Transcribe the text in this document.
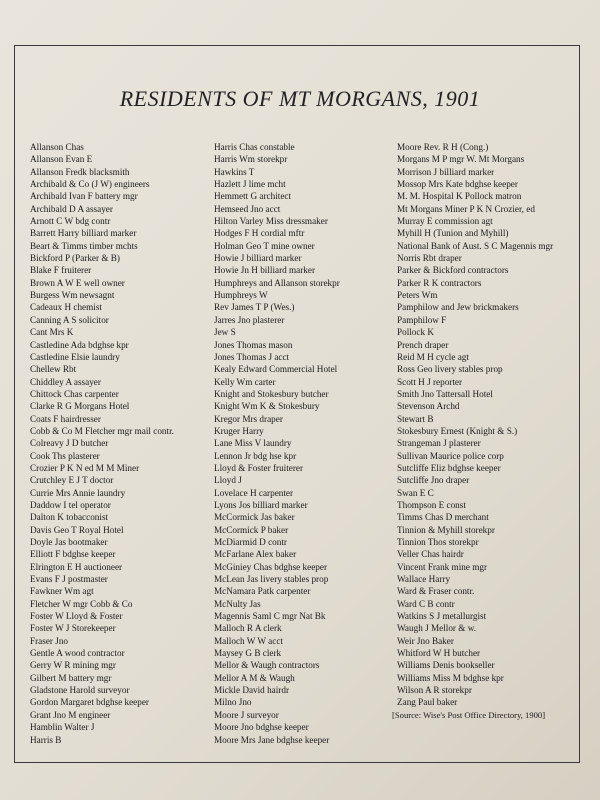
RESIDENTS OF MT MORGANS, 1901
Allanson Chas
Allanson Evan E
Allanson Fredk blacksmith
Archibald & Co (J W) engineers
Archibald Ivan F battery mgr
Archibald D A assayer
Arnott C W bdg contr
Barrett Harry billiard marker
Beart & Timms timber mchts
Bickford P (Parker & B)
Blake F fruiterer
Brown A W E well owner
Burgess Wm newsagnt
Cadeaux H chemist
Canning A S solicitor
Cant Mrs K
Castledine Ada bdghse kpr
Castledine Elsie laundry
Chellew Rbt
Chiddley A assayer
Chittock Chas carpenter
Clarke R G Morgans Hotel
Coats F hairdresser
Cobb & Co M Fletcher mgr mail contr.
Colreavy J D butcher
Cook Ths plasterer
Crozier P K N ed M M Miner
Crutchley E J T doctor
Currie Mrs Annie laundry
Daddow I tel operator
Dalton K tobacconist
Davis Geo T Royal Hotel
Doyle Jas bootmaker
Elliott F bdghse keeper
Elrington E H auctioneer
Evans F J postmaster
Fawkner Wm agt
Fletcher W mgr Cobb & Co
Foster W Lloyd & Foster
Foster W J Storekeeper
Fraser Jno
Gentle A wood contractor
Gerry W R mining mgr
Gilbert M battery mgr
Gladstone Harold surveyor
Gordon Margaret bdghse keeper
Grant Jno M engineer
Hamblin Walter J
Harris B
Harris Chas constable
Harris Wm storekpr
Hawkins T
Hazlett J lime mcht
Hemmett G architect
Hemseed Jno acct
Hilton Varley Miss dressmaker
Hodges F H cordial mftr
Holman Geo T mine owner
Howie J billiard marker
Howie Jn H billiard marker
Humphreys and Allanson storekpr
Humphreys W
Rev James T P (Wes.)
Jarres Jno plasterer
Jew S
Jones Thomas mason
Jones Thomas J acct
Kealy Edward Commercial Hotel
Kelly Wm carter
Knight and Stokesbury butcher
Knight Wm K & Stokesbury
Kregor Mrs draper
Kruger Harry
Lane Miss V laundry
Lennon Jr bdg hse kpr
Lloyd & Foster fruiterer
Lloyd J
Lovelace H carpenter
Lyons Jos billiard marker
McCormick Jas baker
McCormick P baker
McDiarmid D contr
McFarlane Alex baker
McGiniey Chas bdghse keeper
McLean Jas livery stables prop
McNamara Patk carpenter
McNulty Jas
Magennis Saml C mgr Nat Bk
Malloch R A clerk
Malloch W W acct
Maysey G B clerk
Mellor & Waugh contractors
Mellor A M & Waugh
Mickle David hairdr
Milno Jno
Moore J surveyor
Moore Jno bdghse keeper
Moore Mrs Jane bdghse keeper
Moore Rev. R H (Cong.)
Morgans M P mgr W. Mt Morgans
Morrison J billiard marker
Mossop Mrs Kate bdghse keeper
M. M. Hospital K Pollock matron
Mt Morgans Miner P K N Crozier, ed
Murray E commission agt
Myhill H (Tunion and Myhill)
National Bank of Aust. S C Magennis mgr
Norris Rbt draper
Parker & Bickford contractors
Parker R K contractors
Peters Wm
Pamphilow and Jew brickmakers
Pamphilow F
Pollock K
Prench draper
Reid M H cycle agt
Ross Geo livery stables prop
Scott H J reporter
Smith Jno Tattersall Hotel
Stevenson Archd
Stewart B
Stokesbury Ernest (Knight & S.)
Strangeman J plasterer
Sullivan Maurice police corp
Sutcliffe Eliz bdghse keeper
Sutcliffe Jno draper
Swan E C
Thompson E const
Timms Chas D merchant
Tinnion & Myhill storekpr
Tinnion Thos storekpr
Veller Chas hairdr
Vincent Frank mine mgr
Wallace Harry
Ward & Fraser contr.
Ward C B contr
Watkins S J metallurgist
Waugh J Mellor & w.
Weir Jno Baker
Whitford W H butcher
Williams Denis bookseller
Williams Miss M bdghse kpr
Wilson A R storekpr
Zang Paul baker
[Source: Wise's Post Office Directory, 1900]
